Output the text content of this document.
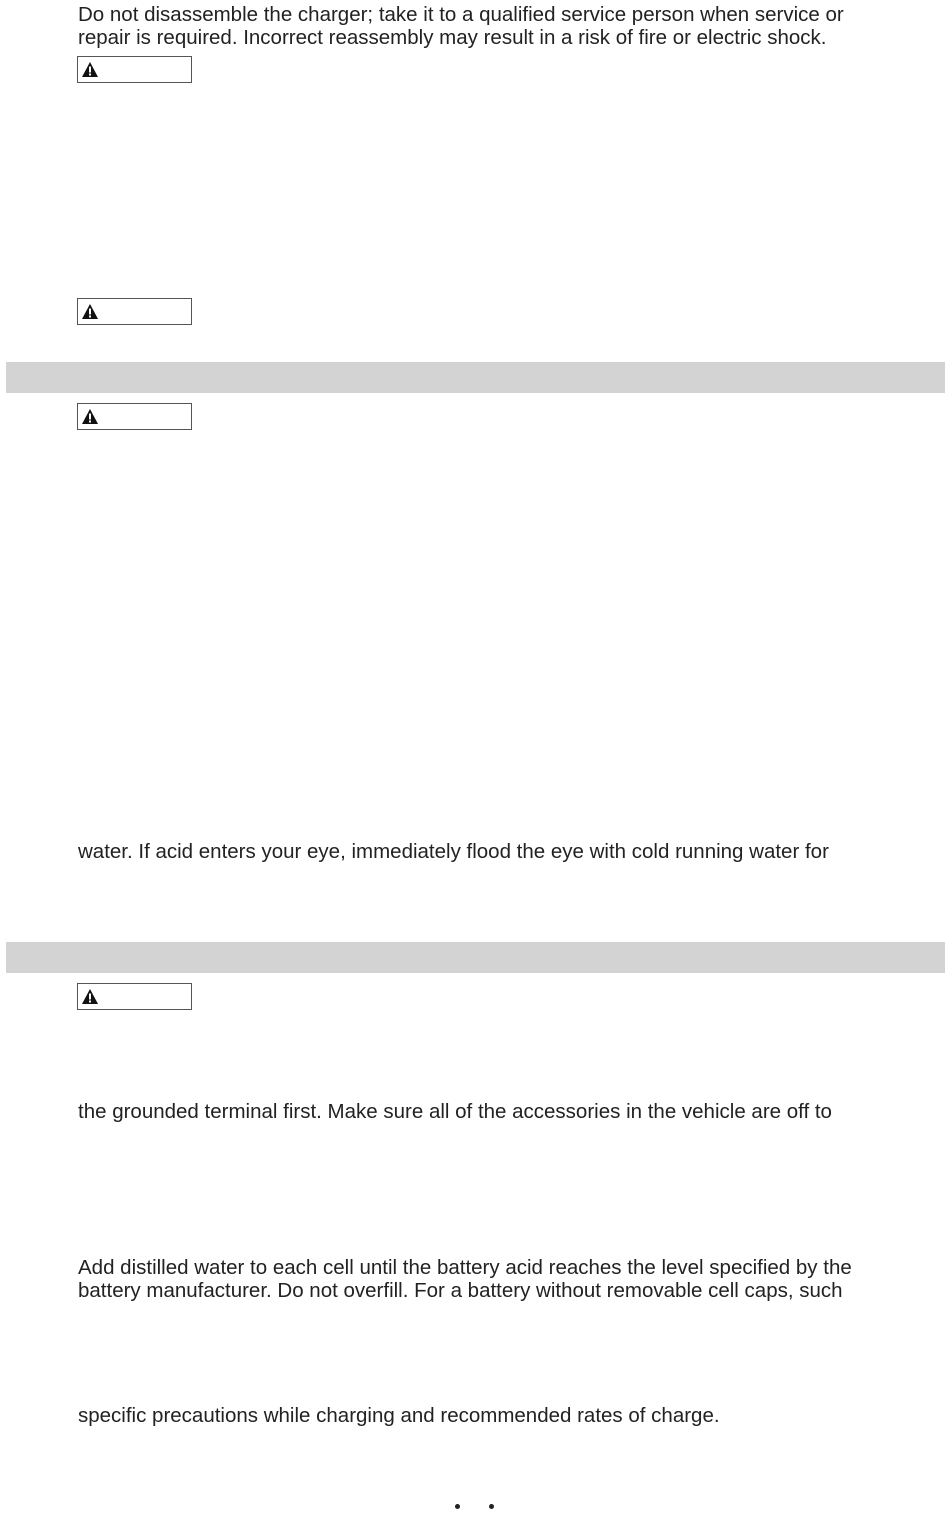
Do not disassemble the charger; take it to a qualified service person when service or
repair is required. Incorrect reassembly may result in a risk of fire or electric shock.
water. If acid enters your eye, immediately flood the eye with cold running water for
the grounded terminal first. Make sure all of the accessories in the vehicle are off to
Add distilled water to each cell until the battery acid reaches the level specified by the
battery manufacturer. Do not overfill. For a battery without removable cell caps, such
specific precautions while charging and recommended rates of charge.
